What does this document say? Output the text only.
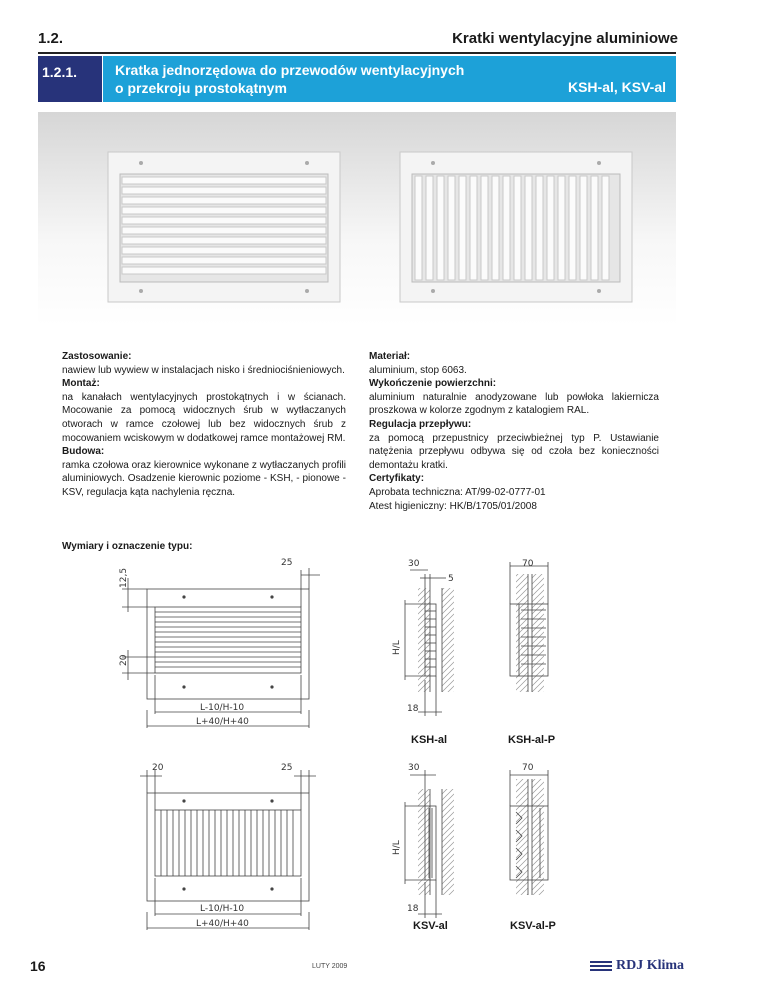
1.2.	Kratki wentylacyjne aluminiowe
1.2.1.	Kratka jednorzędowa do przewodów wentylacyjnych
o przekroju prostokątnym	KSH-al, KSV-al
Zastosowanie:
nawiew lub wywiew w instalacjach nisko i średniociśnieniowych.
Montaż:
na kanałach wentylacyjnych prostokątnych i w ścianach. Mocowanie za pomocą widocznych śrub w wytłaczanych otworach w ramce czołowej lub bez widocznych śrub z mocowaniem wciskowym w dodatkowej ramce montażowej RM.
Budowa:
ramka czołowa oraz kierownice wykonane z wytłaczanych profili aluminiowych. Osadzenie kierownic poziome - KSH, - pionowe - KSV, regulacja kąta nachylenia ręczna.
Materiał:
aluminium, stop 6063.
Wykończenie powierzchni:
aluminium naturalnie anodyzowane lub powłoka lakiernicza proszkowa w kolorze zgodnym z katalogiem RAL.
Regulacja przepływu:
za pomocą przepustnicy przeciwbieżnej typ P. Ustawianie natężenia przepływu odbywa się od czoła bez konieczności demontażu kratki.
Certyfikaty:
Aprobata techniczna: AT/99-02-0777-01
Atest higieniczny: HK/B/1705/01/2008
Wymiary i oznaczenie typu:
25
12,5
20
L-10/H-10
L+40/H+40
30
5
H/L
18
70
20	25
L-10/H-10
L+40/H+40
30
H/L
18
70
KSH-al	KSH-al-P
KSV-al	KSV-al-P
16	LUTY 2009	RDJ Klima
